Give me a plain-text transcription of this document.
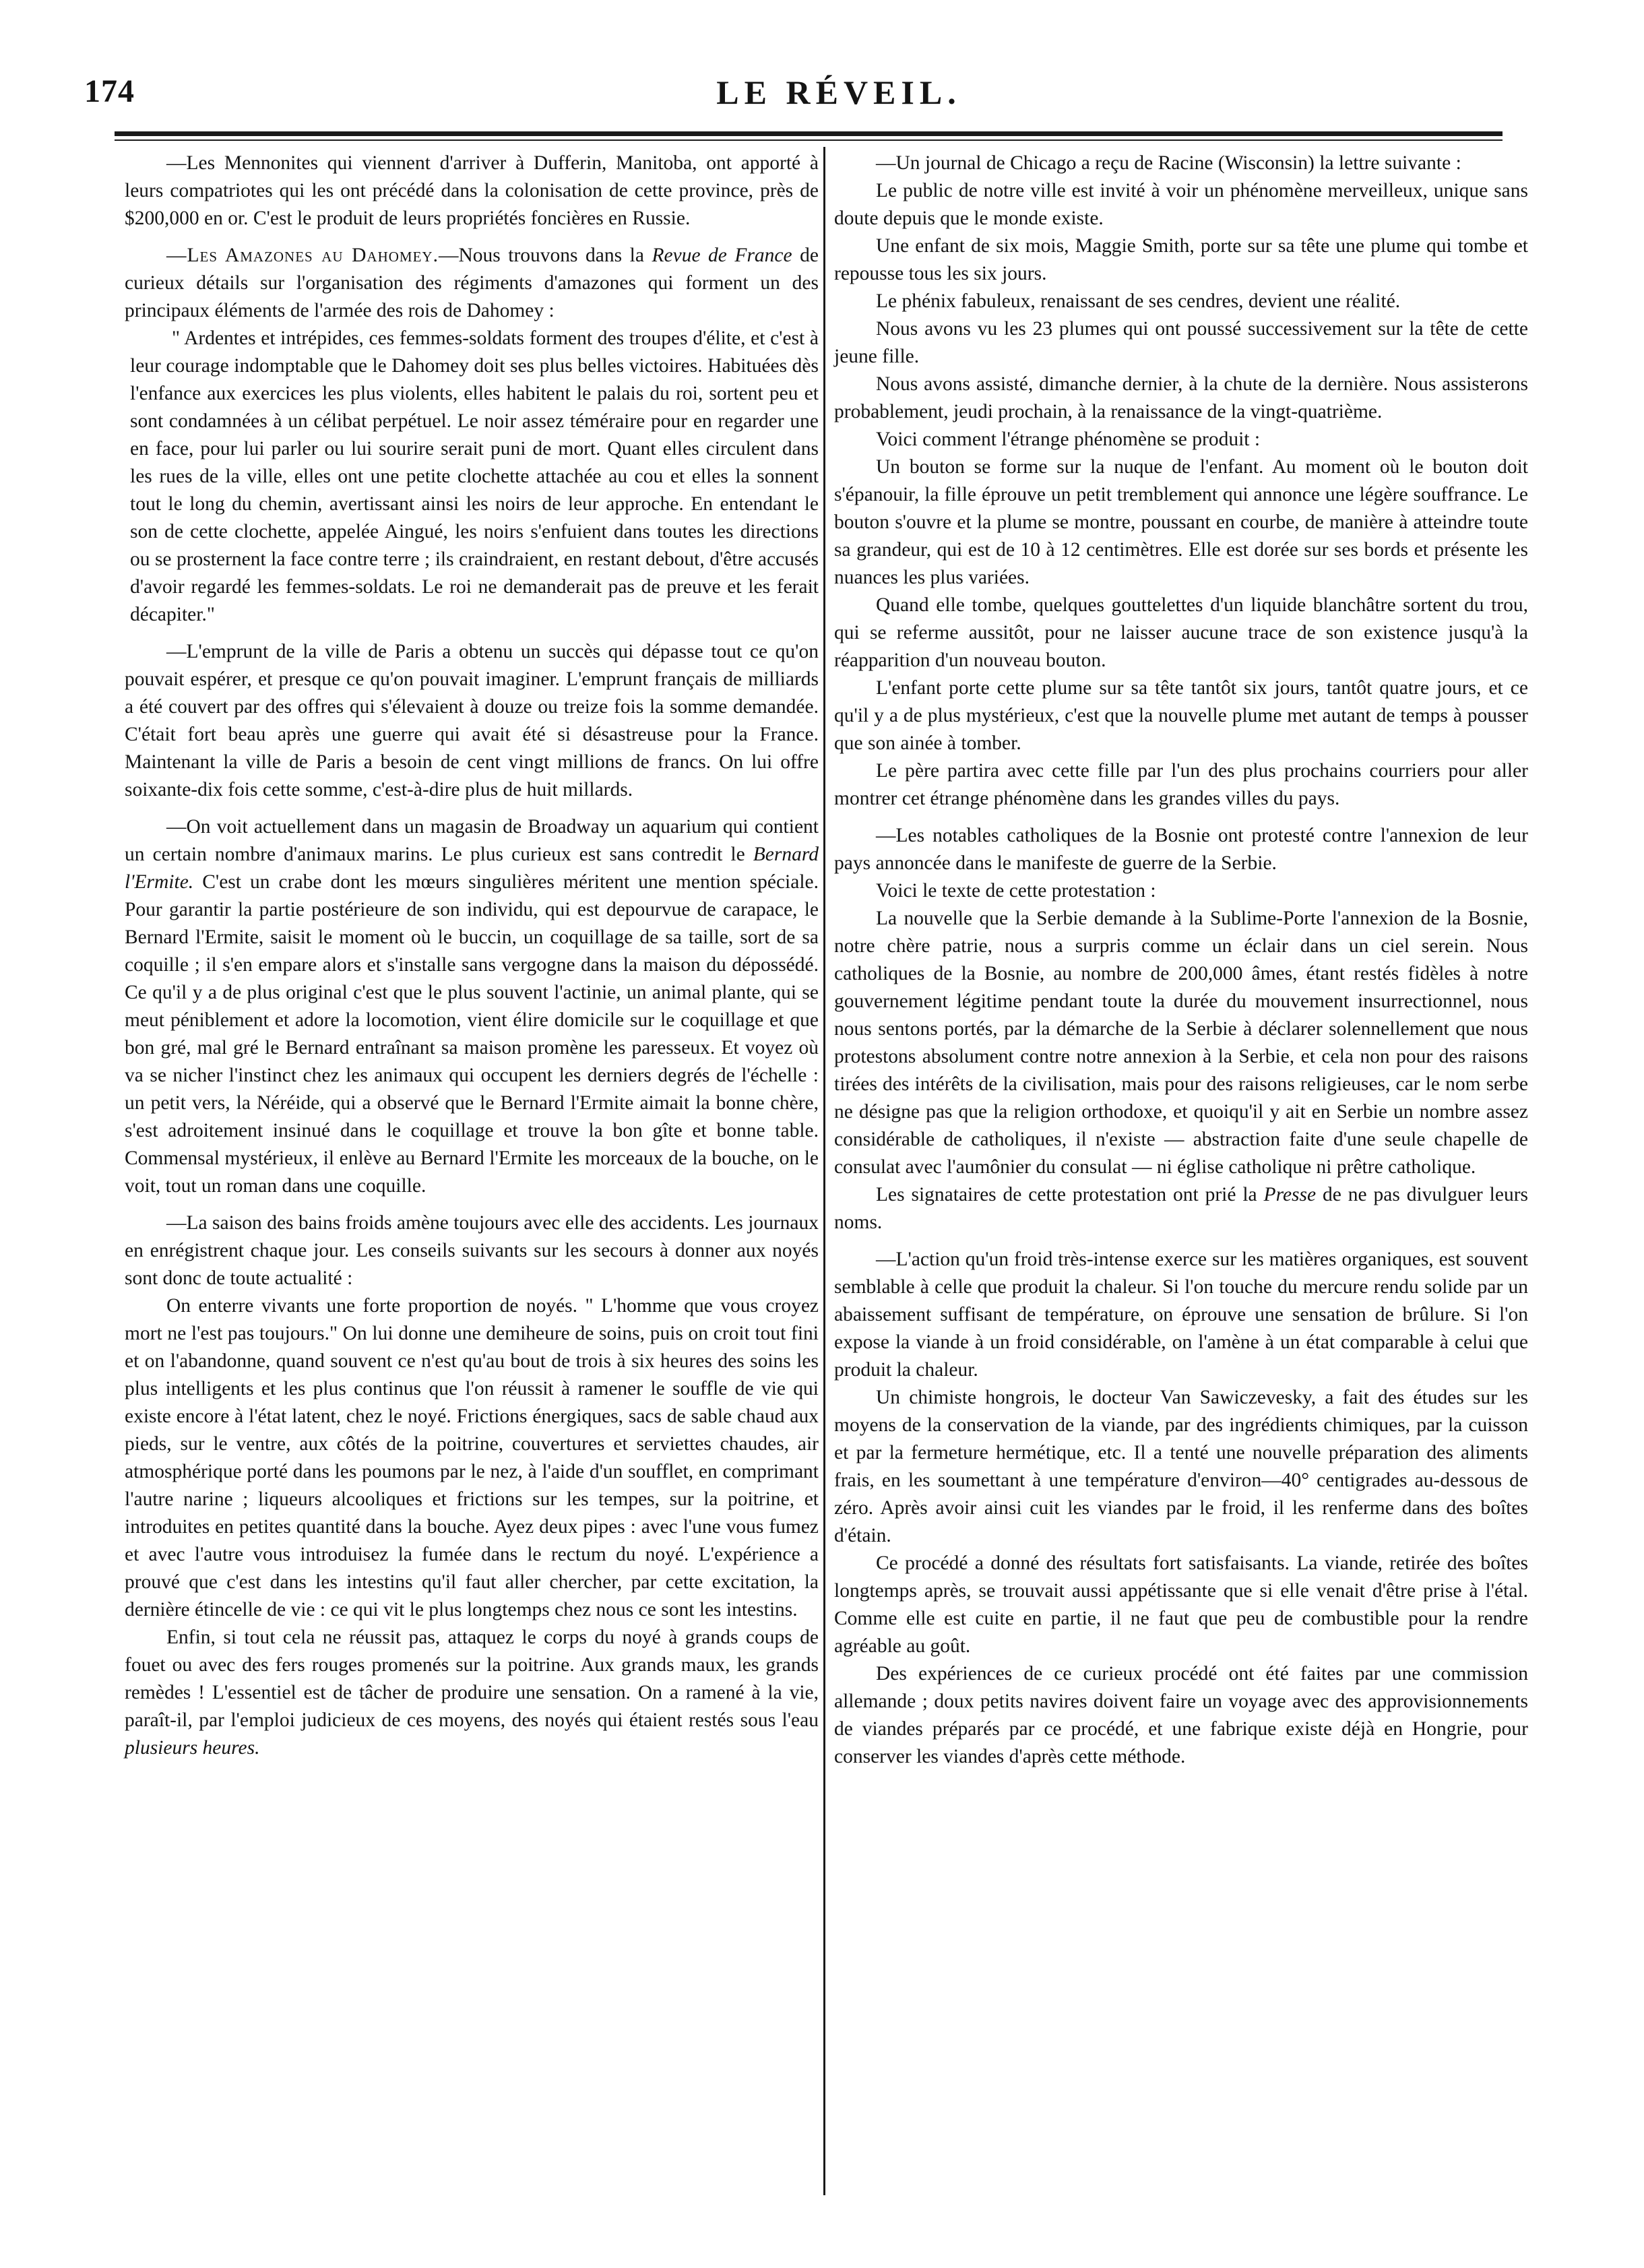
174	LE RÉVEIL.

—Les Mennonites qui viennent d'arriver à Dufferin, Manitoba, ont apporté à leurs compatriotes qui les ont précédé dans la colonisation de cette province, près de $200,000 en or. C'est le produit de leurs propriétés foncières en Russie.

—Les Amazones au Dahomey.—Nous trouvons dans la Revue de France de curieux détails sur l'organisation des régiments d'amazones qui forment un des principaux éléments de l'armée des rois de Dahomey :

" Ardentes et intrépides, ces femmes-soldats forment des troupes d'élite, et c'est à leur courage indomptable que le Dahomey doit ses plus belles victoires. Habituées dès l'enfance aux exercices les plus violents, elles habitent le palais du roi, sortent peu et sont condamnées à un célibat perpétuel. Le noir assez téméraire pour en regarder une en face, pour lui parler ou lui sourire serait puni de mort. Quant elles circulent dans les rues de la ville, elles ont une petite clochette attachée au cou et elles la sonnent tout le long du chemin, avertissant ainsi les noirs de leur approche. En entendant le son de cette clochette, appelée Aingué, les noirs s'enfuient dans toutes les directions ou se prosternent la face contre terre ; ils craindraient, en restant debout, d'être accusés d'avoir regardé les femmes-soldats. Le roi ne demanderait pas de preuve et les ferait décapiter."

—L'emprunt de la ville de Paris a obtenu un succès qui dépasse tout ce qu'on pouvait espérer, et presque ce qu'on pouvait imaginer. L'emprunt français de milliards a été couvert par des offres qui s'élevaient à douze ou treize fois la somme demandée. C'était fort beau après une guerre qui avait été si désastreuse pour la France. Maintenant la ville de Paris a besoin de cent vingt millions de francs. On lui offre soixante-dix fois cette somme, c'est-à-dire plus de huit millards.

—On voit actuellement dans un magasin de Broadway un aquarium qui contient un certain nombre d'animaux marins. Le plus curieux est sans contredit le Bernard l'Ermite. C'est un crabe dont les mœurs singulières méritent une mention spéciale. Pour garantir la partie postérieure de son individu, qui est depourvue de carapace, le Bernard l'Ermite, saisit le moment où le buccin, un coquillage de sa taille, sort de sa coquille ; il s'en empare alors et s'installe sans vergogne dans la maison du dépossédé. Ce qu'il y a de plus original c'est que le plus souvent l'actinie, un animal plante, qui se meut péniblement et adore la locomotion, vient élire domicile sur le coquillage et que bon gré, mal gré le Bernard entraînant sa maison promène les paresseux. Et voyez où va se nicher l'instinct chez les animaux qui occupent les derniers degrés de l'échelle : un petit vers, la Néréide, qui a observé que le Bernard l'Ermite aimait la bonne chère, s'est adroitement insinué dans le coquillage et trouve la bon gîte et bonne table. Commensal mystérieux, il enlève au Bernard l'Ermite les morceaux de la bouche, on le voit, tout un roman dans une coquille.

—La saison des bains froids amène toujours avec elle des accidents. Les journaux en enrégistrent chaque jour. Les conseils suivants sur les secours à donner aux noyés sont donc de toute actualité :

On enterre vivants une forte proportion de noyés. " L'homme que vous croyez mort ne l'est pas toujours." On lui donne une demiheure de soins, puis on croit tout fini et on l'abandonne, quand souvent ce n'est qu'au bout de trois à six heures des soins les plus intelligents et les plus continus que l'on réussit à ramener le souffle de vie qui existe encore à l'état latent, chez le noyé. Frictions énergiques, sacs de sable chaud aux pieds, sur le ventre, aux côtés de la poitrine, couvertures et serviettes chaudes, air atmosphérique porté dans les poumons par le nez, à l'aide d'un soufflet, en comprimant l'autre narine ; liqueurs alcooliques et frictions sur les tempes, sur la poitrine, et introduites en petites quantité dans la bouche. Ayez deux pipes : avec l'une vous fumez et avec l'autre vous introduisez la fumée dans le rectum du noyé. L'expérience a prouvé que c'est dans les intestins qu'il faut aller chercher, par cette excitation, la dernière étincelle de vie : ce qui vit le plus longtemps chez nous ce sont les intestins.

Enfin, si tout cela ne réussit pas, attaquez le corps du noyé à grands coups de fouet ou avec des fers rouges promenés sur la poitrine. Aux grands maux, les grands remèdes ! L'essentiel est de tâcher de produire une sensation. On a ramené à la vie, paraît-il, par l'emploi judicieux de ces moyens, des noyés qui étaient restés sous l'eau plusieurs heures.

—Un journal de Chicago a reçu de Racine (Wisconsin) la lettre suivante :

Le public de notre ville est invité à voir un phénomène merveilleux, unique sans doute depuis que le monde existe.

Une enfant de six mois, Maggie Smith, porte sur sa tête une plume qui tombe et repousse tous les six jours.

Le phénix fabuleux, renaissant de ses cendres, devient une réalité.

Nous avons vu les 23 plumes qui ont poussé successivement sur la tête de cette jeune fille.

Nous avons assisté, dimanche dernier, à la chute de la dernière. Nous assisterons probablement, jeudi prochain, à la renaissance de la vingt-quatrième.

Voici comment l'étrange phénomène se produit :

Un bouton se forme sur la nuque de l'enfant. Au moment où le bouton doit s'épanouir, la fille éprouve un petit tremblement qui annonce une légère souffrance. Le bouton s'ouvre et la plume se montre, poussant en courbe, de manière à atteindre toute sa grandeur, qui est de 10 à 12 centimètres. Elle est dorée sur ses bords et présente les nuances les plus variées.

Quand elle tombe, quelques gouttelettes d'un liquide blanchâtre sortent du trou, qui se referme aussitôt, pour ne laisser aucune trace de son existence jusqu'à la réapparition d'un nouveau bouton.

L'enfant porte cette plume sur sa tête tantôt six jours, tantôt quatre jours, et ce qu'il y a de plus mystérieux, c'est que la nouvelle plume met autant de temps à pousser que son ainée à tomber.

Le père partira avec cette fille par l'un des plus prochains courriers pour aller montrer cet étrange phénomène dans les grandes villes du pays.

—Les notables catholiques de la Bosnie ont protesté contre l'annexion de leur pays annoncée dans le manifeste de guerre de la Serbie.

Voici le texte de cette protestation :

La nouvelle que la Serbie demande à la Sublime-Porte l'annexion de la Bosnie, notre chère patrie, nous a surpris comme un éclair dans un ciel serein. Nous catholiques de la Bosnie, au nombre de 200,000 âmes, étant restés fidèles à notre gouvernement légitime pendant toute la durée du mouvement insurrectionnel, nous nous sentons portés, par la démarche de la Serbie à déclarer solennellement que nous protestons absolument contre notre annexion à la Serbie, et cela non pour des raisons tirées des intérêts de la civilisation, mais pour des raisons religieuses, car le nom serbe ne désigne pas que la religion orthodoxe, et quoiqu'il y ait en Serbie un nombre assez considérable de catholiques, il n'existe — abstraction faite d'une seule chapelle de consulat avec l'aumônier du consulat — ni église catholique ni prêtre catholique.

Les signataires de cette protestation ont prié la Presse de ne pas divulguer leurs noms.

—L'action qu'un froid très-intense exerce sur les matières organiques, est souvent semblable à celle que produit la chaleur. Si l'on touche du mercure rendu solide par un abaissement suffisant de température, on éprouve une sensation de brûlure. Si l'on expose la viande à un froid considérable, on l'amène à un état comparable à celui que produit la chaleur.

Un chimiste hongrois, le docteur Van Sawiczevesky, a fait des études sur les moyens de la conservation de la viande, par des ingrédients chimiques, par la cuisson et par la fermeture hermétique, etc. Il a tenté une nouvelle préparation des aliments frais, en les soumettant à une température d'environ—40° centigrades au-dessous de zéro. Après avoir ainsi cuit les viandes par le froid, il les renferme dans des boîtes d'étain.

Ce procédé a donné des résultats fort satisfaisants. La viande, retirée des boîtes longtemps après, se trouvait aussi appétissante que si elle venait d'être prise à l'étal. Comme elle est cuite en partie, il ne faut que peu de combustible pour la rendre agréable au goût.

Des expériences de ce curieux procédé ont été faites par une commission allemande ; doux petits navires doivent faire un voyage avec des approvisionnements de viandes préparés par ce procédé, et une fabrique existe déjà en Hongrie, pour conserver les viandes d'après cette méthode.
